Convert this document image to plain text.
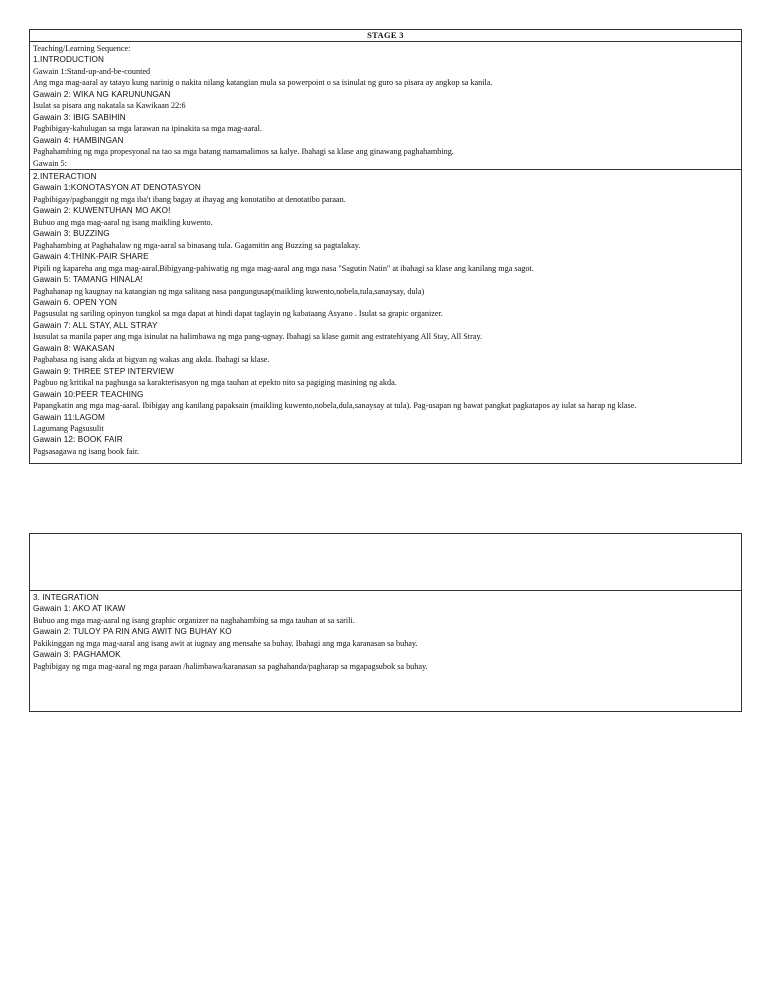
STAGE 3
Teaching/Learning Sequence:
1.INTRODUCTION
Gawain 1:Stand-up-and-be-counted
Ang mga mag-aaral ay tatayo kung narinig o nakita nilang katangian mula sa powerpoint o sa isinulat ng guro sa pisara ay angkop sa kanila.
Gawain 2: WIKA NG KARUNUNGAN
Isulat sa pisara ang nakatala sa Kawikaan 22:6
Gawain 3: IBIG SABIHIN
Pagbibigay-kahulugan sa mga larawan na ipinakita sa mga mag-aaral.
Gawain 4: HAMBINGAN
Paghahambing ng mga propesyonal na tao sa mga batang namamalimos sa kalye. Ibahagi sa klase ang ginawang paghahambing.
Gawain 5:
2.INTERACTION
Gawain 1:KONOTASYON AT DENOTASYON
Pagbibigay/pagbanggit ng mga iba't ibang bagay at ihayag ang konotatibo at denotatibo paraan.
Gawain 2: KUWENTUHAN MO AKO!
Bubuo ang mga mag-aaral ng isang maikling kuwento.
Gawain 3: BUZZING
Paghahambing at Paghahalaw ng mga-aaral sa binasang tula. Gagamitin ang Buzzing sa pagtalakay.
Gawain 4:THINK-PAIR SHARE
Pipili ng kapareha ang mga mag-aaral.Bibigyang-pahiwatig ng mga mag-aaral ang mga nasa "Sagutin Natin" at ibahagi sa klase ang kanilang mga sagot.
Gawain 5: TAMANG HINALA!
Paghahanap ng kaugnay na katangian ng mga salitang nasa pangungusap(maikling kuwento,nobela,tula,sanaysay, dula)
Gawain 6. OPEN YON
Pagsusulat ng sariling opinyon tungkol sa mga dapat at hindi dapat taglayin ng kabataang Asyano . Isulat sa grapic organizer.
Gawain 7: ALL STAY, ALL STRAY
Isusulat sa manila paper ang mga isinulat na halimbawa ng mga pang-ugnay. Ibahagi sa klase gamit ang estratehiyang All Stay, All Stray.
Gawain 8: WAKASAN
Pagbabasa ng isang akda at bigyan ng wakas ang akda. Ibahagi sa klase.
Gawain 9: THREE STEP INTERVIEW
Pagbuo ng kritikal na paghusga sa karakterisasyon ng mga tauhan at epekto nito sa pagiging masining ng akda.
Gawain 10:PEER TEACHING
Papangkatin ang mga mag-aaral. Ibibigay ang kanilang papaksain (maikling kuwento,nobela,dula,sanaysay at tula). Pag-usapan ng bawat pangkat pagkatapos ay iulat sa harap ng klase.
Gawain 11:LAGOM
Lagumang Pagsusulit
Gawain 12: BOOK FAIR
Pagsasagawa ng isang book fair.
3. INTEGRATION
Gawain 1: AKO AT IKAW
Bubuo ang mga mag-aaral ng isang graphic organizer na naghahambing sa mga tauhan at sa sarili.
Gawain 2: TULOY PA RIN ANG AWIT NG BUHAY KO
Pakikinggan ng mga mag-aaral ang isang awit at iugnay ang mensahe sa buhay. Ibahagi ang mga karanasan sa buhay.
Gawain 3: PAGHAMOK
Pagbibigay ng mga mag-aaral ng mga paraan /halimbawa/karanasan sa paghahanda/pagharap sa mgapagsubok sa buhay.
